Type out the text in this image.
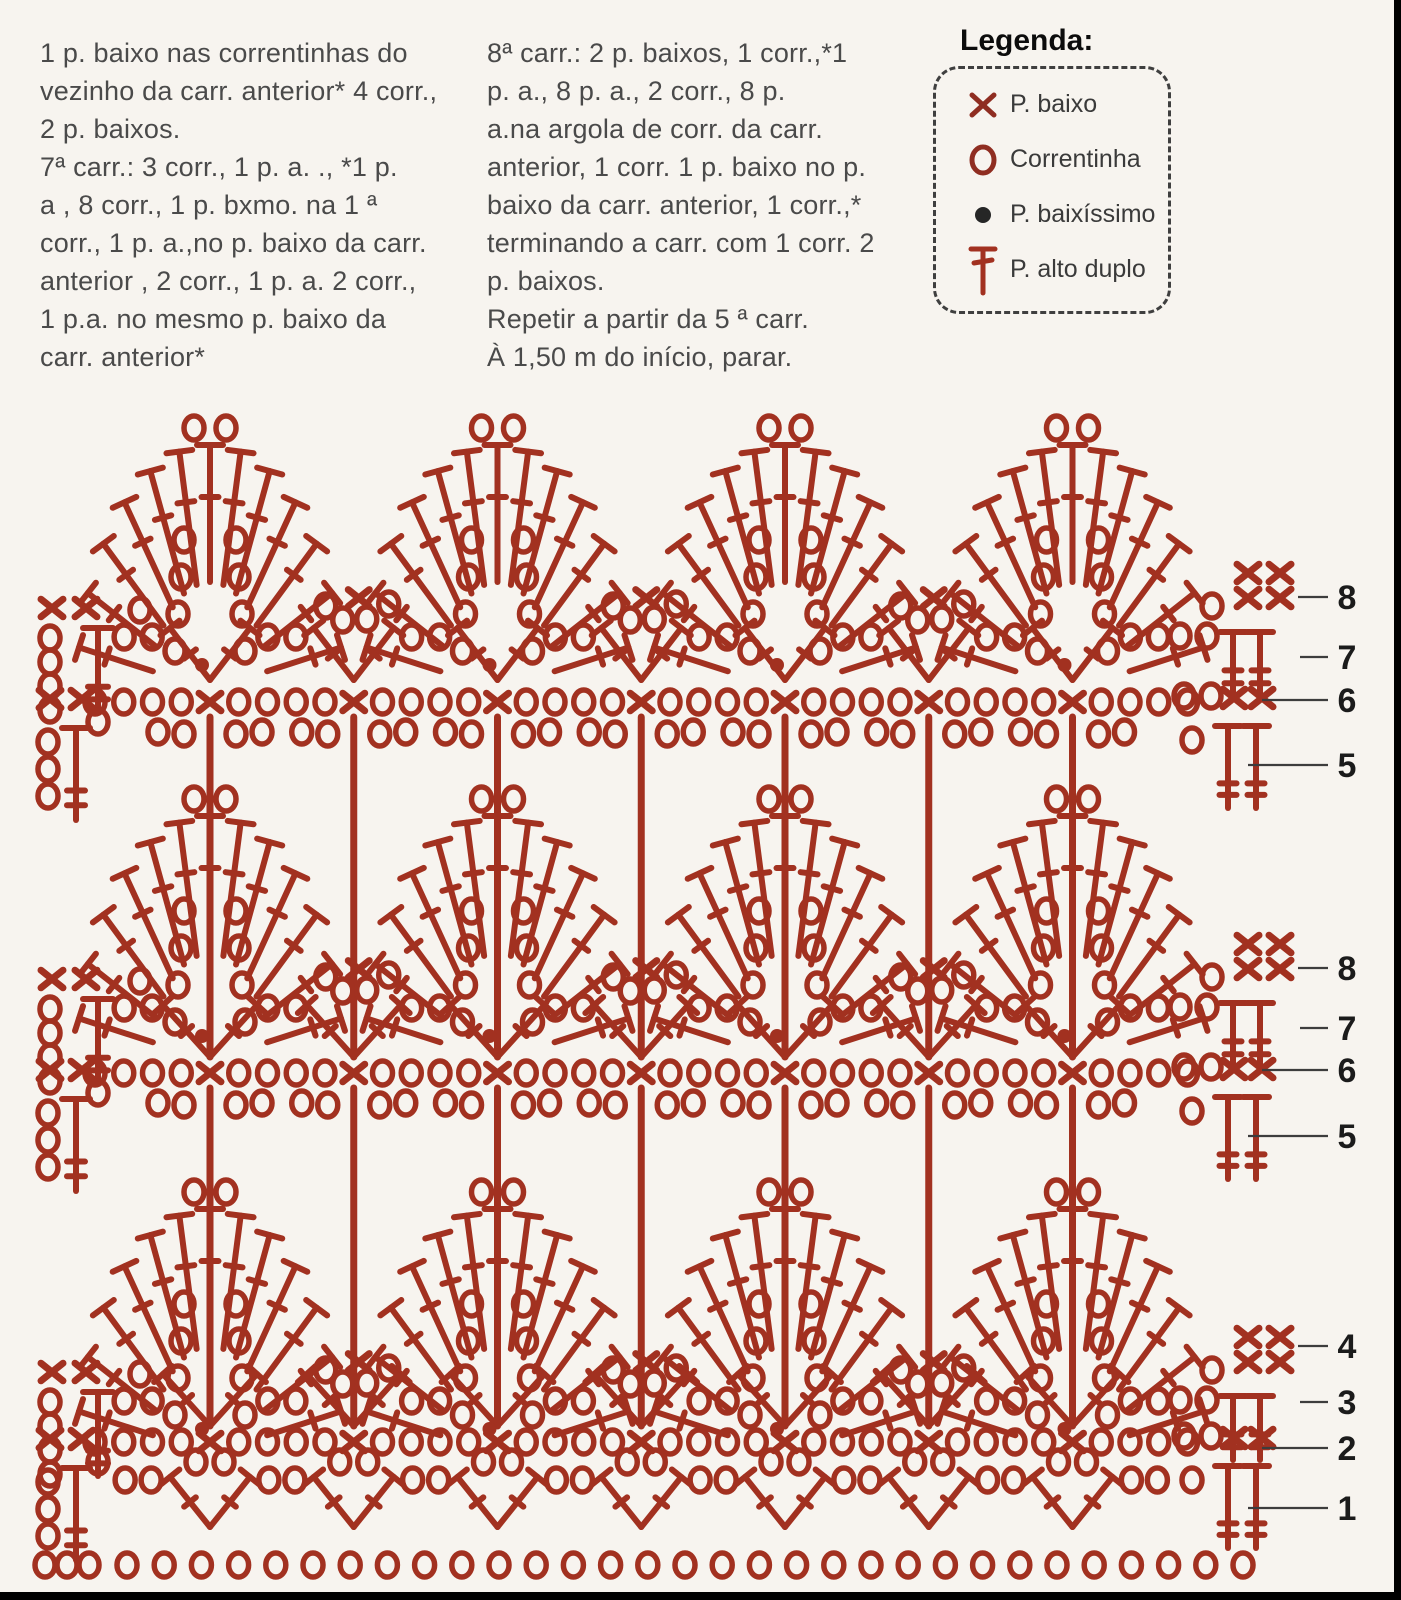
1 p. baixo nas correntinhas do
vezinho da carr. anterior* 4 corr.,
2 p. baixos.
7ª carr.: 3 corr., 1 p. a. ., *1 p.
a , 8 corr., 1 p. bxmo. na 1 ª
corr., 1 p. a.,no p. baixo da carr.
anterior , 2 corr., 1 p. a. 2 corr.,
1 p.a. no mesmo p. baixo da
carr. anterior*
8ª carr.: 2 p. baixos, 1 corr.,*1
p. a., 8 p. a., 2 corr., 8 p.
a.na argola de corr. da carr.
anterior, 1 corr. 1 p. baixo no p.
baixo da carr. anterior, 1 corr.,*
terminando a carr. com 1 corr. 2
p. baixos.
Repetir a partir da 5 ª carr.
À 1,50 m do início, parar.
Legenda:
P. baixo
Correntinha
P. baixíssimo
P. alto duplo
8
7
6
5
8
7
6
5
4
3
2
1
